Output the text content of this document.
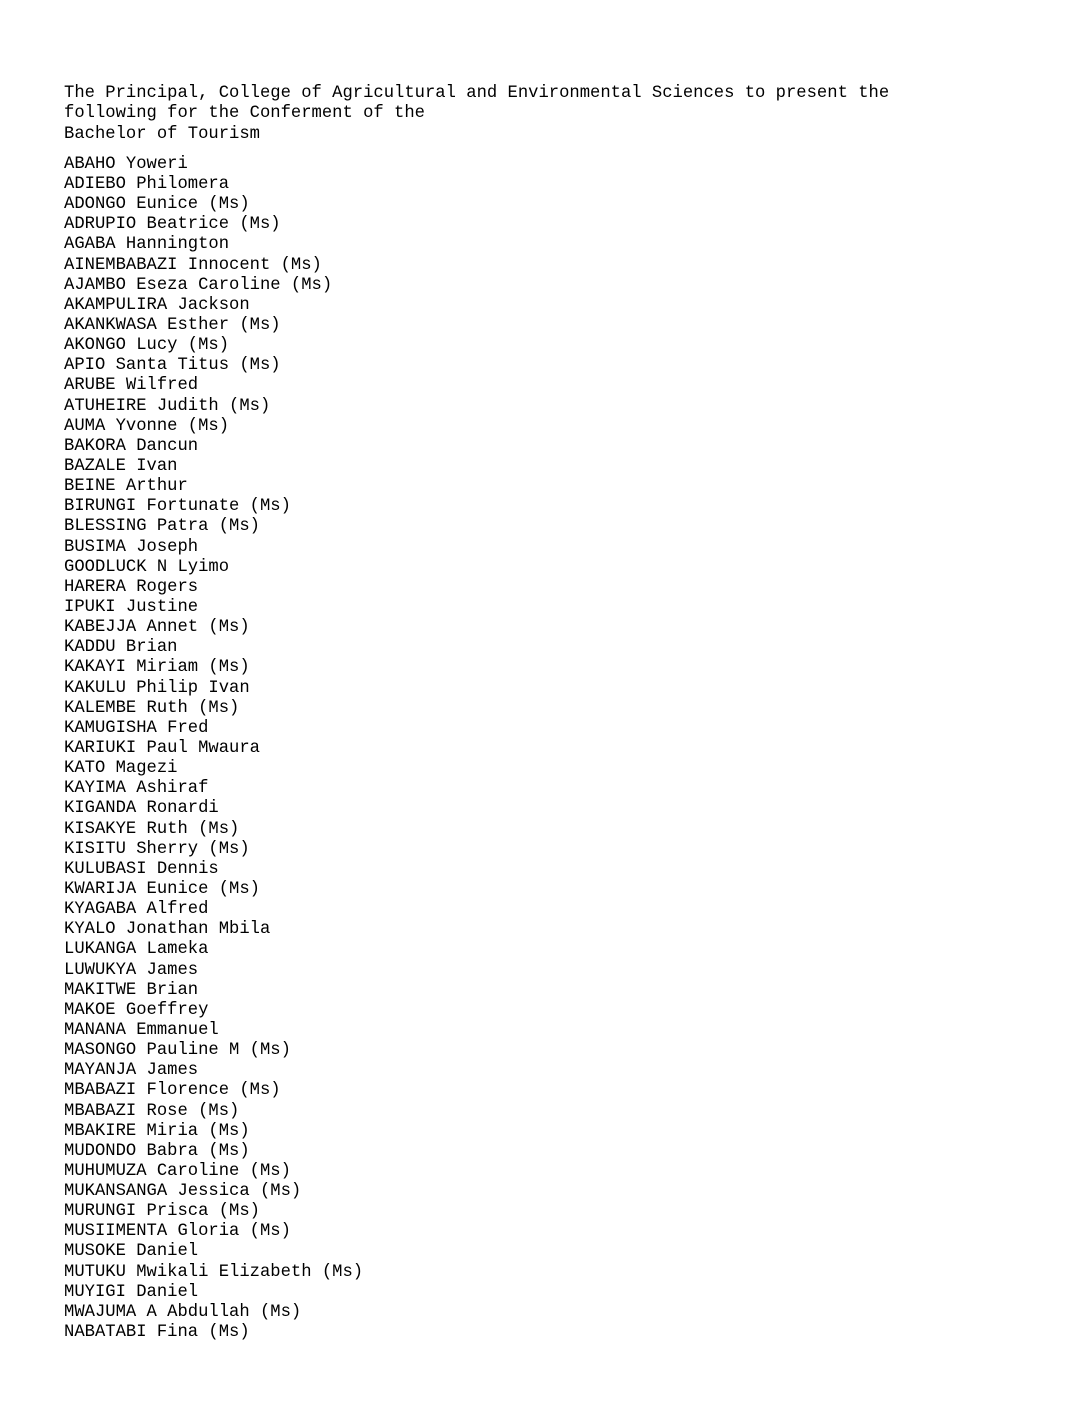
The Principal, College of Agricultural and Environmental Sciences to present the
following for the Conferment of the
Bachelor of Tourism
ABAHO Yoweri
ADIEBO Philomera
ADONGO Eunice (Ms)
ADRUPIO Beatrice (Ms)
AGABA Hannington
AINEMBABAZI Innocent (Ms)
AJAMBO Eseza Caroline (Ms)
AKAMPULIRA Jackson
AKANKWASA Esther (Ms)
AKONGO Lucy (Ms)
APIO Santa Titus (Ms)
ARUBE Wilfred
ATUHEIRE Judith (Ms)
AUMA Yvonne (Ms)
BAKORA Dancun
BAZALE Ivan
BEINE Arthur
BIRUNGI Fortunate (Ms)
BLESSING Patra (Ms)
BUSIMA Joseph
GOODLUCK N Lyimo
HARERA Rogers
IPUKI Justine
KABEJJA Annet (Ms)
KADDU Brian
KAKAYI Miriam (Ms)
KAKULU Philip Ivan
KALEMBE Ruth (Ms)
KAMUGISHA Fred
KARIUKI Paul Mwaura
KATO Magezi
KAYIMA Ashiraf
KIGANDA Ronardi
KISAKYE Ruth (Ms)
KISITU Sherry (Ms)
KULUBASI Dennis
KWARIJA Eunice (Ms)
KYAGABA Alfred
KYALO Jonathan Mbila
LUKANGA Lameka
LUWUKYA James
MAKITWE Brian
MAKOE Goeffrey
MANANA Emmanuel
MASONGO Pauline M (Ms)
MAYANJA James
MBABAZI Florence (Ms)
MBABAZI Rose (Ms)
MBAKIRE Miria (Ms)
MUDONDO Babra (Ms)
MUHUMUZA Caroline (Ms)
MUKANSANGA Jessica (Ms)
MURUNGI Prisca (Ms)
MUSIIMENTA Gloria (Ms)
MUSOKE Daniel
MUTUKU Mwikali Elizabeth (Ms)
MUYIGI Daniel
MWAJUMA A Abdullah (Ms)
NABATABI Fina (Ms)
